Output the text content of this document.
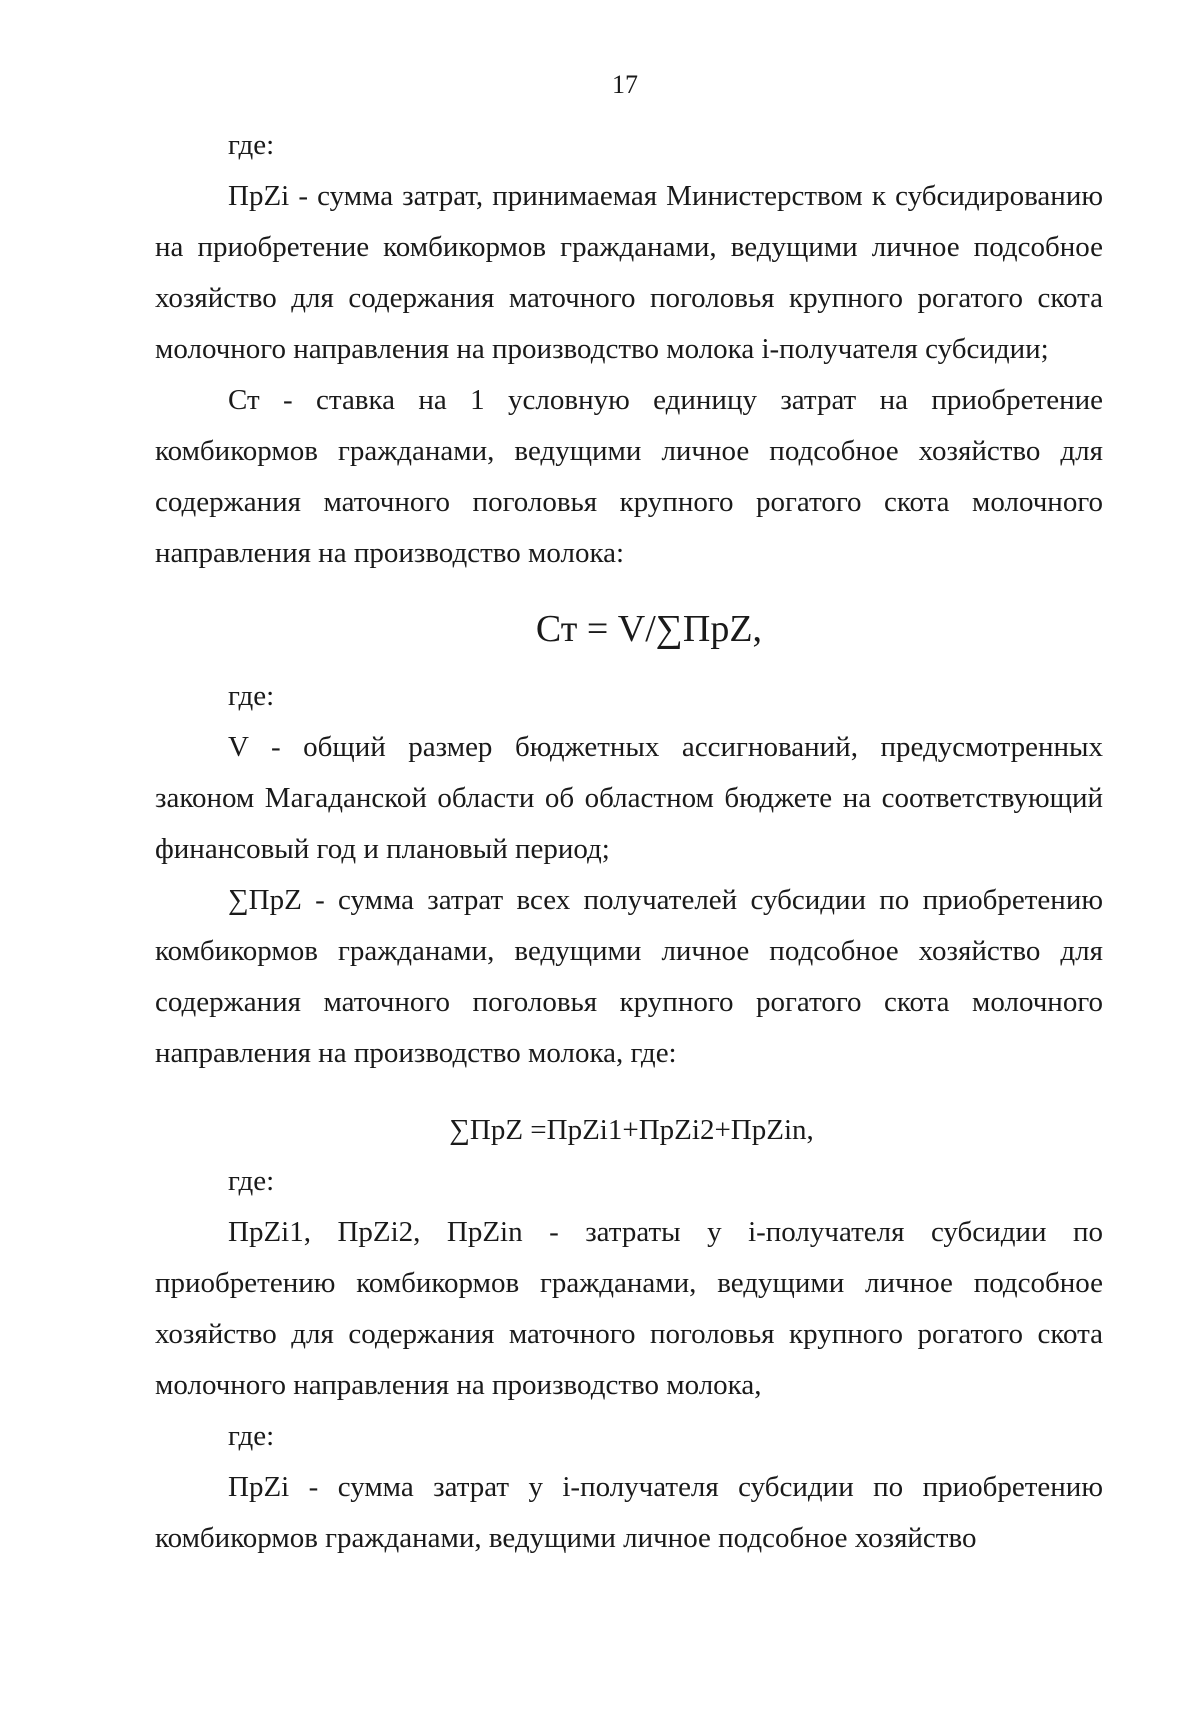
17

где:

ПрZi - сумма затрат, принимаемая Министерством к субсидированию на приобретение комбикормов гражданами, ведущими личное подсобное хозяйство для содержания маточного поголовья крупного рогатого скота молочного направления на производство молока i-получателя субсидии;

Ст - ставка на 1 условную единицу затрат на приобретение комбикормов гражданами, ведущими личное подсобное хозяйство для содержания маточного поголовья крупного рогатого скота молочного направления на производство молока:

Ст = V/∑ПрZ,

где:

V - общий размер бюджетных ассигнований, предусмотренных законом Магаданской области об областном бюджете на соответствующий финансовый год и плановый период;

∑ПрZ - сумма затрат всех получателей субсидии по приобретению комбикормов гражданами, ведущими личное подсобное хозяйство для содержания маточного поголовья крупного рогатого скота молочного направления на производство молока, где:

∑ПрZ =ПрZi1+ПрZi2+ПрZin,

где:

ПрZi1, ПрZi2, ПрZin - затраты у i-получателя субсидии по приобретению комбикормов гражданами, ведущими личное подсобное хозяйство для содержания маточного поголовья крупного рогатого скота молочного направления на производство молока,

где:

ПрZi - сумма затрат у i-получателя субсидии по приобретению комбикормов гражданами, ведущими личное подсобное хозяйство
